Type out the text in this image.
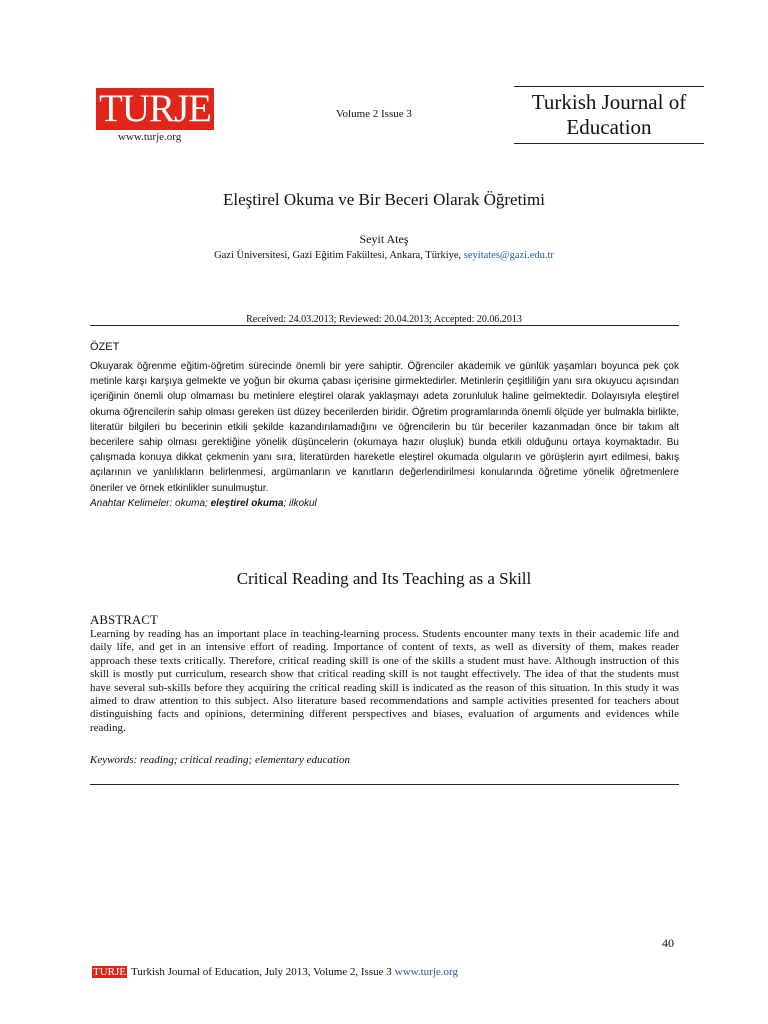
TURJE
www.turje.org
Volume 2 Issue 3	Turkish Journal of Education
Eleştirel Okuma ve Bir Beceri Olarak Öğretimi
Seyit Ateş
Gazi Üniversitesi, Gazi Eğitim Fakültesi, Ankara, Türkiye, seyitates@gazi.edu.tr
Received: 24.03.2013; Reviewed: 20.04.2013; Accepted: 20.06.2013
ÖZET
Okuyarak öğrenme eğitim-öğretim sürecinde önemli bir yere sahiptir. Öğrenciler akademik ve günlük yaşamları boyunca pek çok metinle karşı karşıya gelmekte ve yoğun bir okuma çabası içerisine girmektedirler. Metinlerin çeşitliliğin yanı sıra okuyucu açısından içeriğinin önemli olup olmaması bu metinlere eleştirel olarak yaklaşmayı adeta zorunluluk haline gelmektedir. Dolayısıyla eleştirel okuma öğrencilerin sahip olması gereken üst düzey becerilerden biridir. Öğretim programlarında önemli ölçüde yer bulmakla birlikte, literatür bilgileri bu becerinin etkili şekilde kazandırılamadığını ve öğrencilerin bu tür beceriler kazanmadan önce bir takım alt becerilere sahip olması gerektiğine yönelik düşüncelerin (okumaya hazır oluşluk) bunda etkili olduğunu ortaya koymaktadır. Bu çalışmada konuya dikkat çekmenin yanı sıra, literatürden hareketle eleştirel okumada olguların ve görüşlerin ayırt edilmesi, bakış açılarının ve yanlılıkların belirlenmesi, argümanların ve kanıtların değerlendirilmesi konularında öğretime yönelik öğretmenlere öneriler ve örnek etkinlikler sunulmuştur.
Anahtar Kelimeler: okuma; eleştirel okuma; ilkokul
Critical Reading and Its Teaching as a Skill
ABSTRACT
Learning by reading has an important place in teaching-learning process. Students encounter many texts in their academic life and daily life, and get in an intensive effort of reading. Importance of content of texts, as well as diversity of them, makes reader approach these texts critically. Therefore, critical reading skill is one of the skills a student must have. Although instruction of this skill is mostly put curriculum, research show that critical reading skill is not taught effectively. The idea of that the students must have several sub-skills before they acquiring the critical reading skill is indicated as the reason of this situation. In this study it was aimed to draw attention to this subject. Also literature based recommendations and sample activities presented for teachers about distinguishing facts and opinions, determining different perspectives and biases, evaluation of arguments and evidences while reading.
Keywords: reading; critical reading; elementary education
40
TURJE Turkish Journal of Education, July 2013, Volume 2, Issue 3 www.turje.org
